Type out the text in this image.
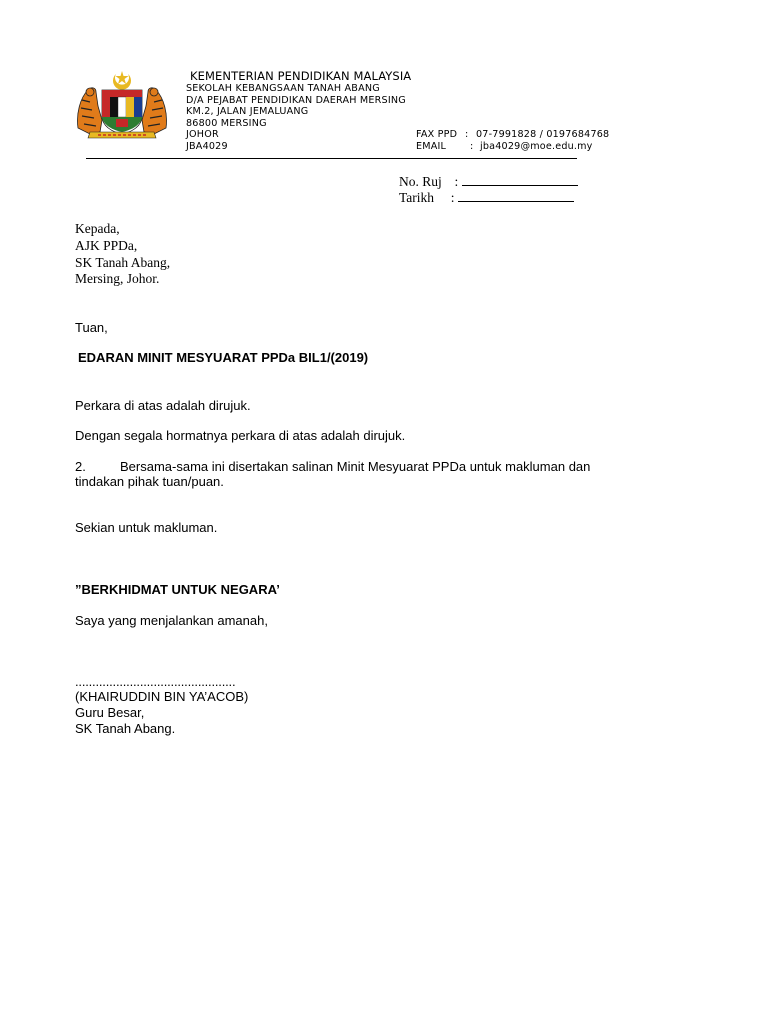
KEMENTERIAN PENDIDIKAN MALAYSIA
SEKOLAH KEBANGSAAN TANAH ABANG
D/A PEJABAT PENDIDIKAN DAERAH MERSING
KM.2, JALAN JEMALUANG
86800 MERSING
JOHOR
JBA4029
FAX PPD : 07-7991828 / 0197684768
EMAIL : jba4029@moe.edu.my
No. Ruj :
Tarikh :
Kepada,
AJK PPDa,
SK Tanah Abang,
Mersing, Johor.
Tuan,
EDARAN MINIT MESYUARAT PPDa BIL1/(2019)
Perkara di atas adalah dirujuk.
Dengan segala hormatnya perkara di atas adalah dirujuk.
2.	Bersama-sama ini disertakan salinan Minit Mesyuarat PPDa untuk makluman dan
tindakan pihak tuan/puan.
Sekian untuk makluman.
”BERKHIDMAT UNTUK NEGARA’
Saya yang menjalankan amanah,
...............................................
(KHAIRUDDIN BIN YA’ACOB)
Guru Besar,
SK Tanah Abang.
